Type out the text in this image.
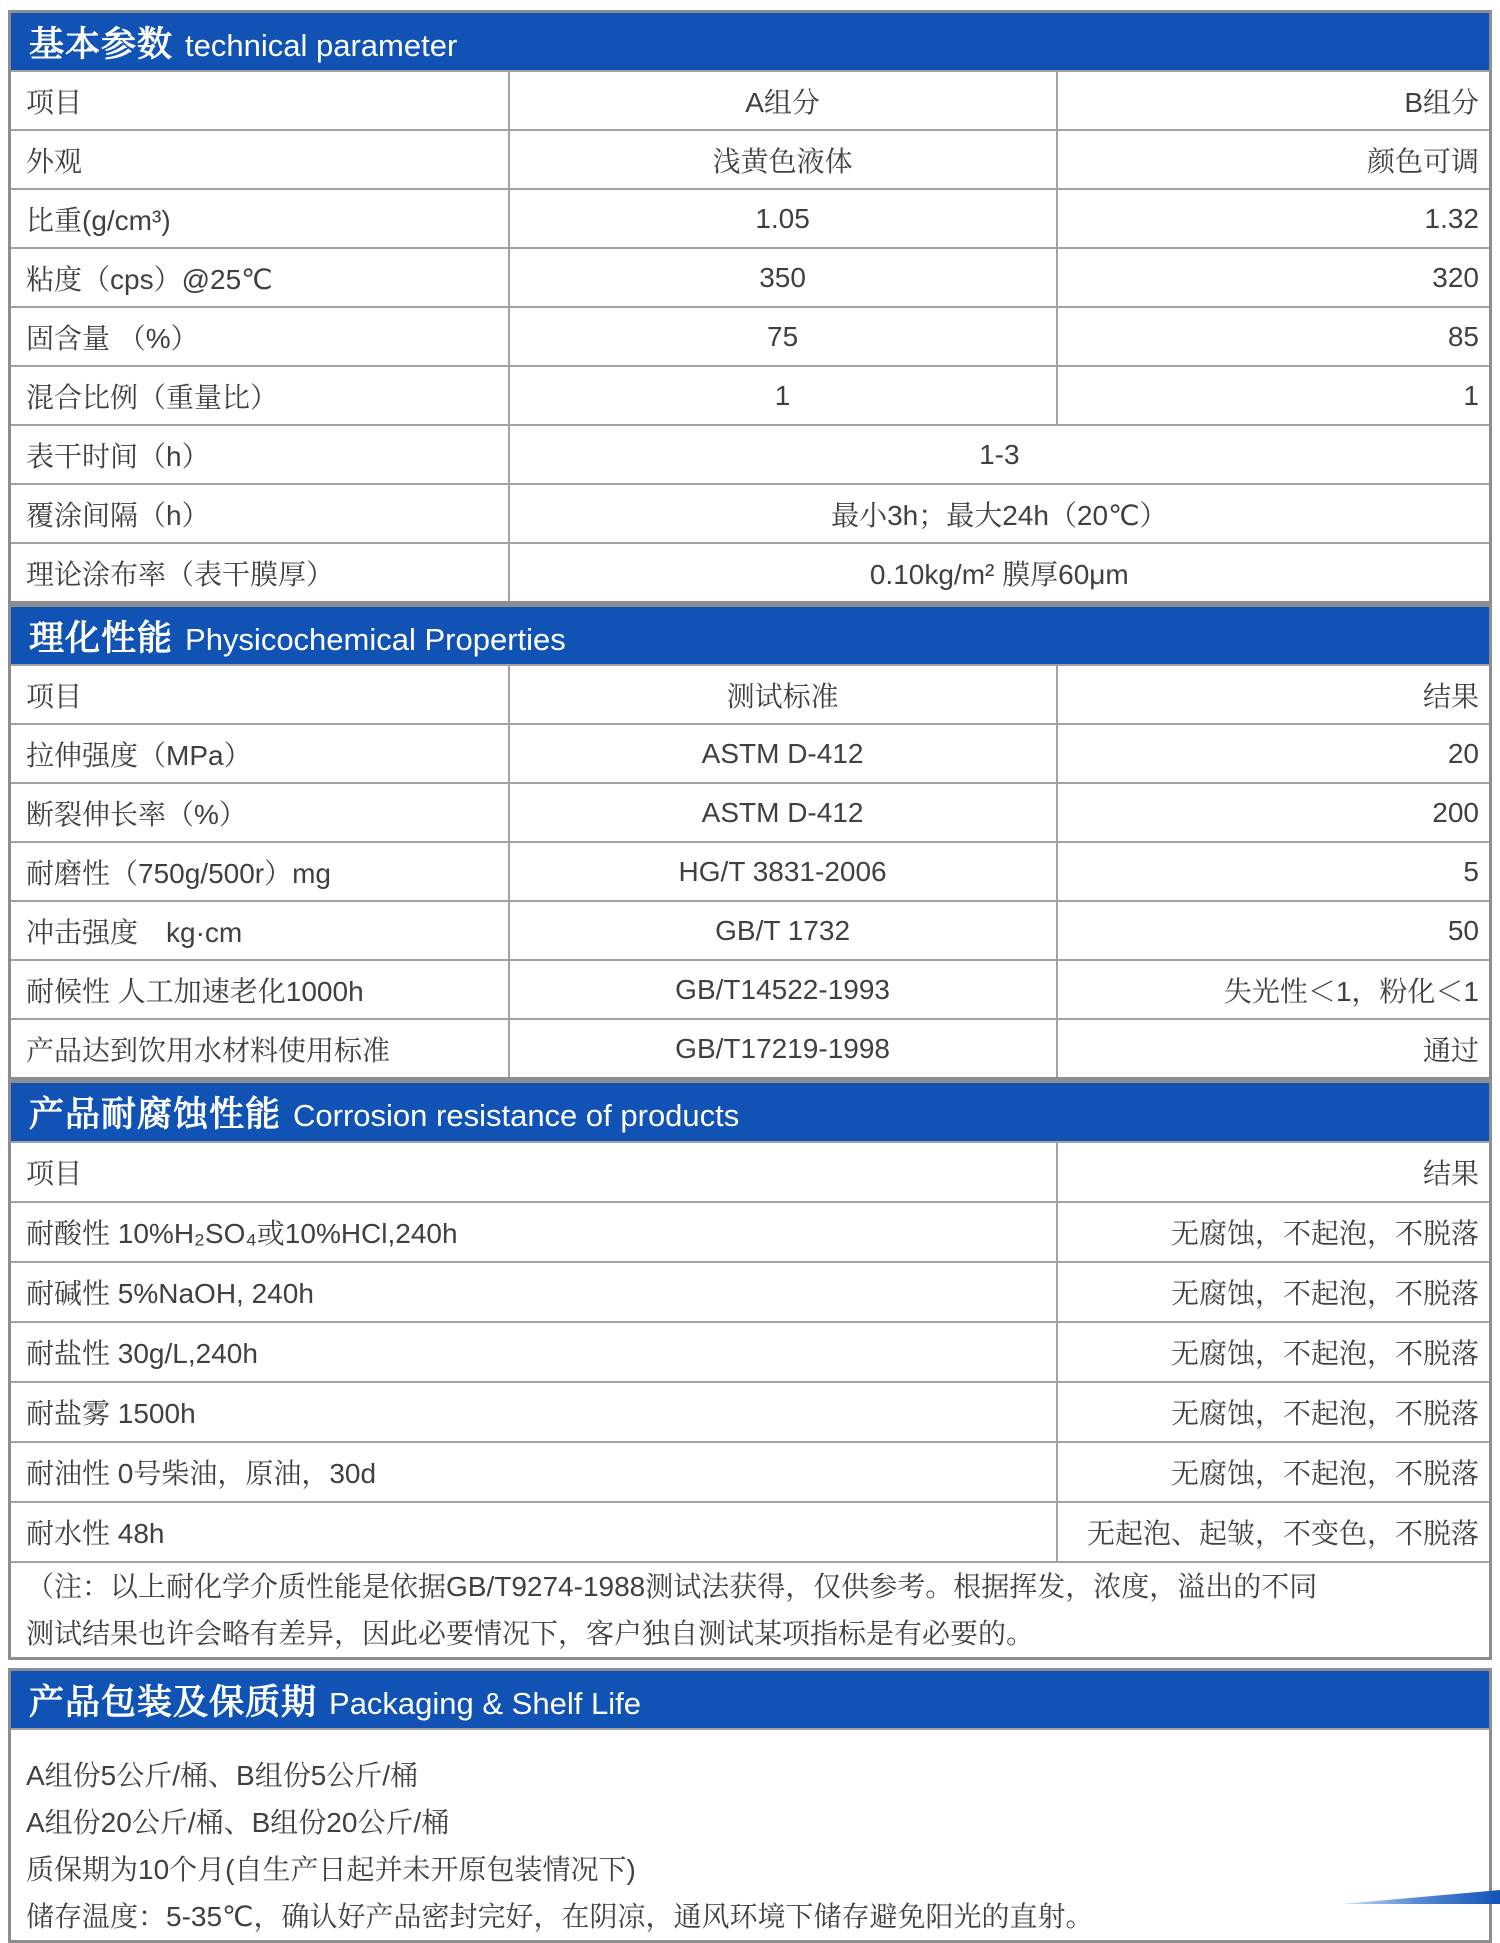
基本参数 technical parameter		
项目	A组分	B组分
外观	浅黄色液体	颜色可调
比重(g/cm³)	1.05	1.32
粘度（cps）@25℃	350	320
固含量 （%）	75	85
混合比例（重量比）	1	1
表干时间（h）	1-3	
覆涂间隔（h）	最小3h；最大24h（20℃）	
理论涂布率（表干膜厚）	0.10kg/m² 膜厚60μm	
理化性能 Physicochemical Properties		
项目	测试标准	结果
拉伸强度（MPa）	ASTM D-412	20
断裂伸长率（%）	ASTM D-412	200
耐磨性（750g/500r）mg	HG/T 3831-2006	5
冲击强度　kg·cm	GB/T 1732	50
耐候性 人工加速老化1000h	GB/T14522-1993	失光性＜1，粉化＜1
产品达到饮用水材料使用标准	GB/T17219-1998	通过
产品耐腐蚀性能 Corrosion resistance of products	
项目	结果
耐酸性 10%H₂SO₄或10%HCl,240h	无腐蚀，不起泡，不脱落
耐碱性 5%NaOH, 240h	无腐蚀，不起泡，不脱落
耐盐性 30g/L,240h	无腐蚀，不起泡，不脱落
耐盐雾 1500h	无腐蚀，不起泡，不脱落
耐油性 0号柴油，原油，30d	无腐蚀，不起泡，不脱落
耐水性 48h	无起泡、起皱，不变色，不脱落

（注：以上耐化学介质性能是依据GB/T9274-1988测试法获得，仅供参考。根据挥发，浓度，溢出的不同
测试结果也许会略有差异，因此必要情况下，客户独自测试某项指标是有必要的。	
产品包装及保质期 Packaging & Shelf Life

A组份5公斤/桶、B组份5公斤/桶
A组份20公斤/桶、B组份20公斤/桶
质保期为10个月(自生产日起并未开原包装情况下)
储存温度：5-35℃，确认好产品密封完好，在阴凉，通风环境下储存避免阳光的直射。
